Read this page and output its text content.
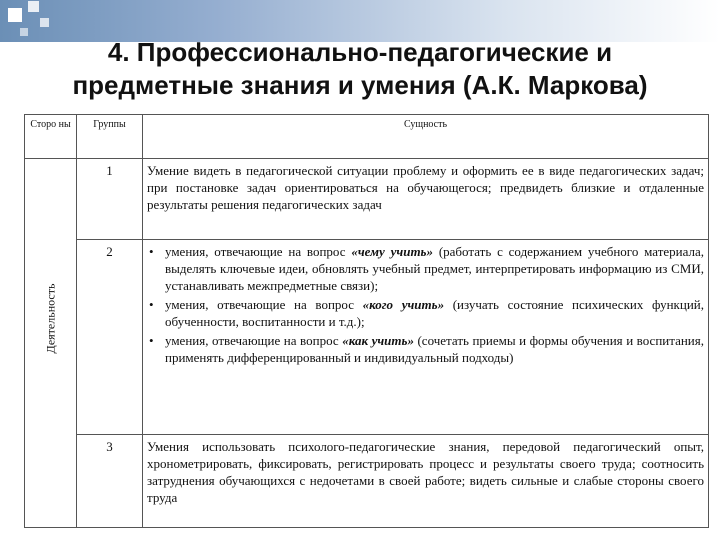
4. Профессионально-педагогические и предметные знания и умения (А.К. Маркова)
Сторо ны	Группы	Сущность

Деятельность	1	Умение видеть в педагогической ситуации проблему и оформить ее в виде педагогических задач; при постановке задач ориентироваться на обучающегося; предвидеть близкие и отдаленные результаты решения педагогических задач
	2	• умения, отвечающие на вопрос «чему учить» (работать с содержанием учебного материала, выделять ключевые идеи, обновлять учебный предмет, интерпретировать информацию из СМИ, устанавливать межпредметные связи);

• умения, отвечающие на вопрос «кого учить» (изучать состояние психических функций, обученности, воспитанности и т.д.);

• умения, отвечающие на вопрос «как учить» (сочетать приемы и формы обучения и воспитания, применять дифференцированный и индивидуальный подходы)

	3	Умения использовать психолого-педагогические знания, передовой педагогический опыт, хронометрировать, фиксировать, регистрировать процесс и результаты своего труда; соотносить затруднения обучающихся с недочетами в своей работе; видеть сильные и слабые стороны своего труда
